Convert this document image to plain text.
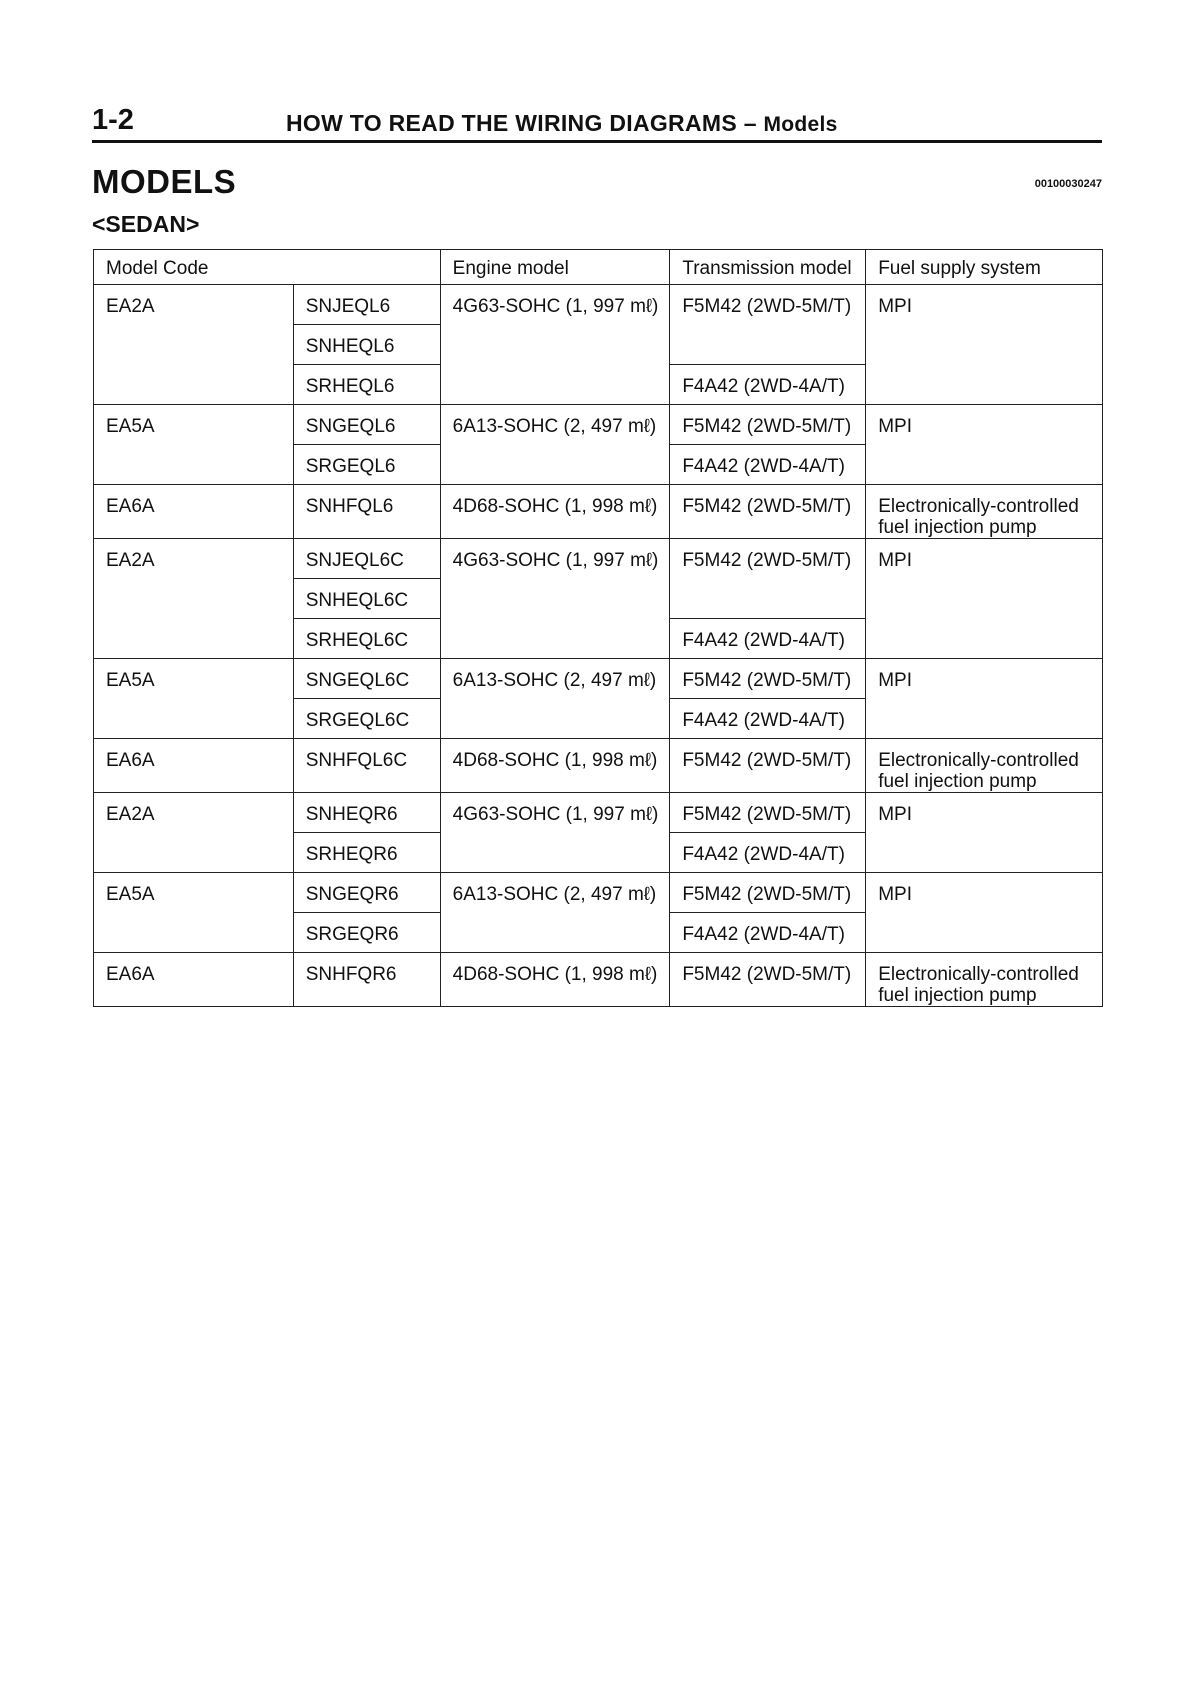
1-2	HOW TO READ THE WIRING DIAGRAMS – Models
MODELS	00100030247
<SEDAN>
Model Code		Engine model	Transmission model	Fuel supply system
EA2A	SNJEQL6	4G63-SOHC (1, 997 mℓ)	F5M42 (2WD-5M/T)	MPI
	SNHEQL6			
	SRHEQL6		F4A42 (2WD-4A/T)	
EA5A	SNGEQL6	6A13-SOHC (2, 497 mℓ)	F5M42 (2WD-5M/T)	MPI
	SRGEQL6		F4A42 (2WD-4A/T)	
EA6A	SNHFQL6	4D68-SOHC (1, 998 mℓ)	F5M42 (2WD-5M/T)	Electronically-controlled fuel injection pump
EA2A	SNJEQL6C	4G63-SOHC (1, 997 mℓ)	F5M42 (2WD-5M/T)	MPI
	SNHEQL6C			
	SRHEQL6C		F4A42 (2WD-4A/T)	
EA5A	SNGEQL6C	6A13-SOHC (2, 497 mℓ)	F5M42 (2WD-5M/T)	MPI
	SRGEQL6C		F4A42 (2WD-4A/T)	
EA6A	SNHFQL6C	4D68-SOHC (1, 998 mℓ)	F5M42 (2WD-5M/T)	Electronically-controlled fuel injection pump
EA2A	SNHEQR6	4G63-SOHC (1, 997 mℓ)	F5M42 (2WD-5M/T)	MPI
	SRHEQR6		F4A42 (2WD-4A/T)	
EA5A	SNGEQR6	6A13-SOHC (2, 497 mℓ)	F5M42 (2WD-5M/T)	MPI
	SRGEQR6		F4A42 (2WD-4A/T)	
EA6A	SNHFQR6	4D68-SOHC (1, 998 mℓ)	F5M42 (2WD-5M/T)	Electronically-controlled fuel injection pump
